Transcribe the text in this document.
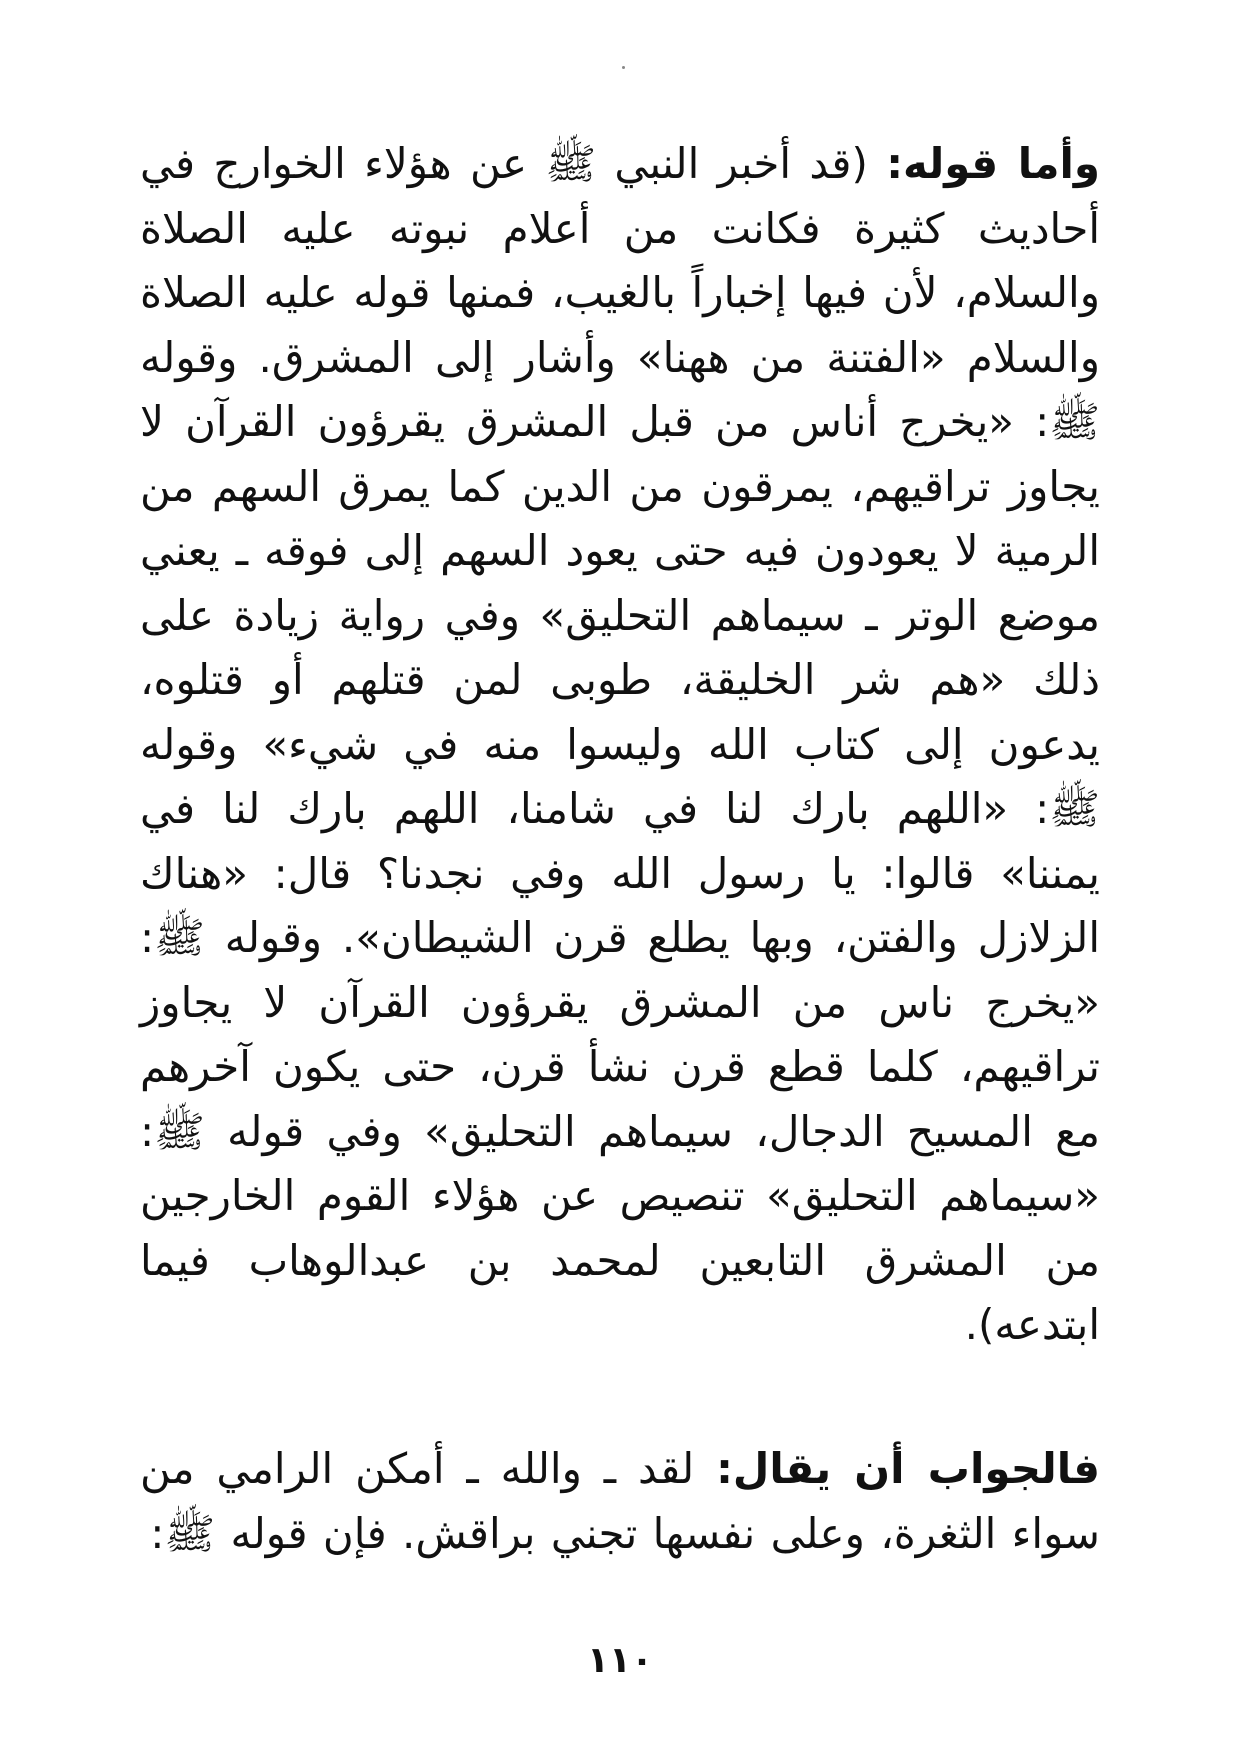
وأما قوله: (قد أخبر النبي ﷺ عن هؤلاء الخوارج في أحاديث كثيرة فكانت من أعلام نبوته عليه الصلاة والسلام، لأن فيها إخباراً بالغيب، فمنها قوله عليه الصلاة والسلام «الفتنة من ههنا» وأشار إلى المشرق. وقوله ﷺ: «يخرج أناس من قبل المشرق يقرؤون القرآن لا يجاوز تراقيهم، يمرقون من الدين كما يمرق السهم من الرمية لا يعودون فيه حتى يعود السهم إلى فوقه ـ يعني موضع الوتر ـ سيماهم التحليق» وفي رواية زيادة على ذلك «هم شر الخليقة، طوبى لمن قتلهم أو قتلوه، يدعون إلى كتاب الله وليسوا منه في شيء» وقوله ﷺ: «اللهم بارك لنا في شامنا، اللهم بارك لنا في يمننا» قالوا: يا رسول الله وفي نجدنا؟ قال: «هناك الزلازل والفتن، وبها يطلع قرن الشيطان». وقوله ﷺ: «يخرج ناس من المشرق يقرؤون القرآن لا يجاوز تراقيهم، كلما قطع قرن نشأ قرن، حتى يكون آخرهم مع المسيح الدجال، سيماهم التحليق» وفي قوله ﷺ: «سيماهم التحليق» تنصيص عن هؤلاء القوم الخارجين من المشرق التابعين لمحمد بن عبدالوهاب فيما ابتدعه).

فالجواب أن يقال: لقد ـ والله ـ أمكن الرامي من سواء الثغرة، وعلى نفسها تجني براقش. فإن قوله ﷺ:

١١٠
